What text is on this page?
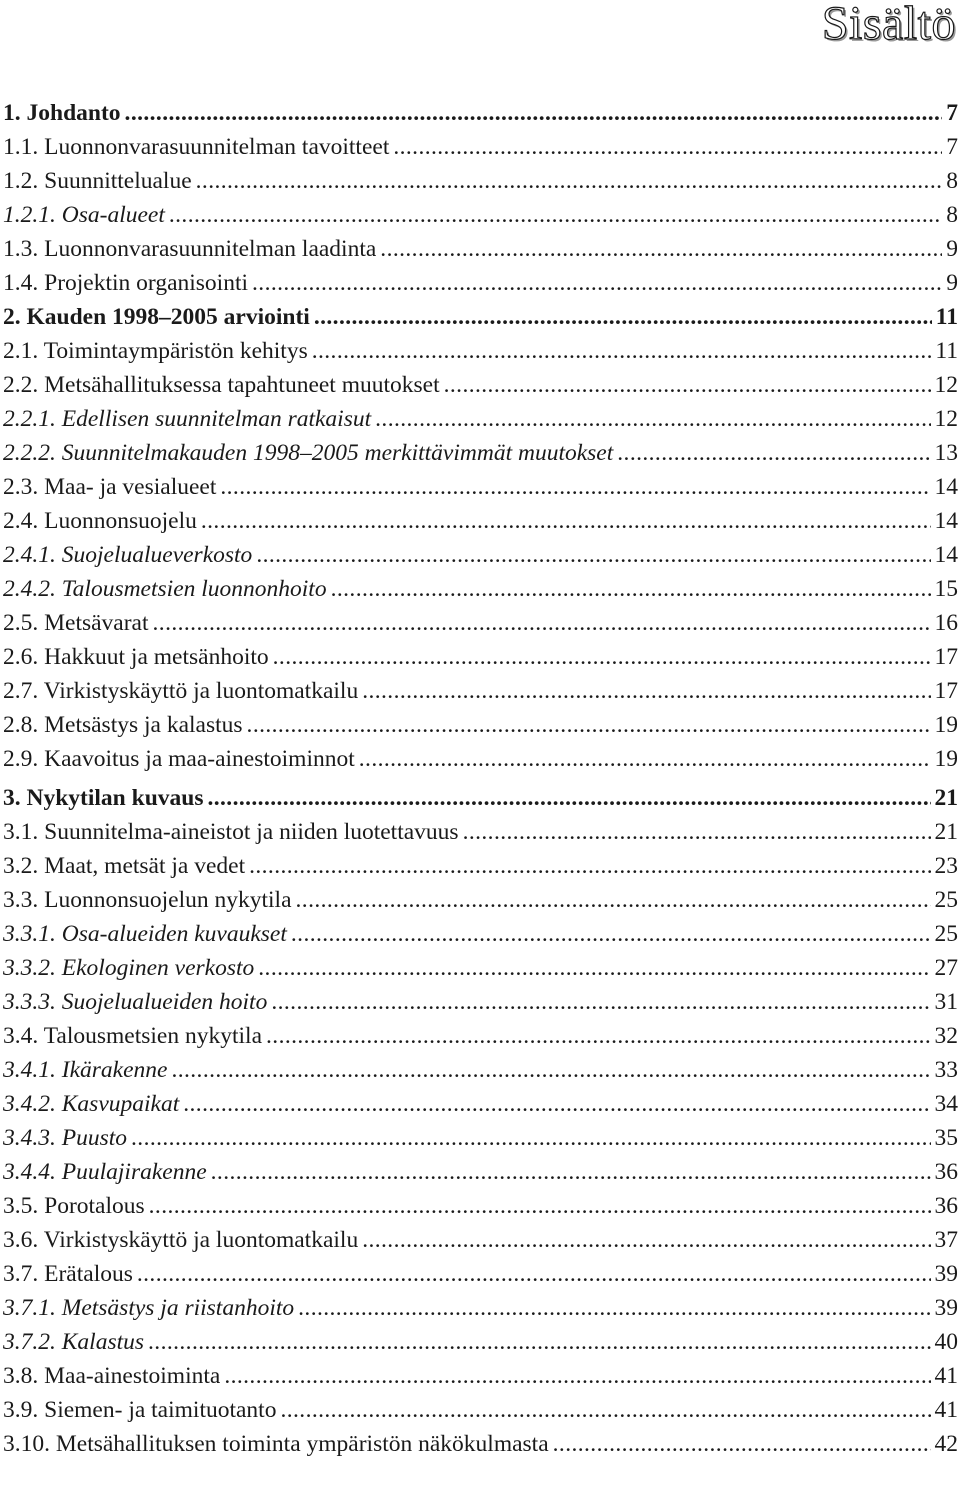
Sisältö
1. Johdanto .....	7
1.1. Luonnonvarasuunnitelman tavoitteet .....	7
1.2. Suunnittelualue .....	8
1.2.1. Osa-alueet .....	8
1.3. Luonnonvarasuunnitelman laadinta .....	9
1.4. Projektin organisointi .....	9
2. Kauden 1998–2005 arviointi .....	11
2.1. Toimintaympäristön kehitys .....	11
2.2. Metsähallituksessa tapahtuneet muutokset .....	12
2.2.1. Edellisen suunnitelman ratkaisut .....	12
2.2.2. Suunnitelmakauden 1998–2005 merkittävimmät muutokset .....	13
2.3. Maa- ja vesialueet .....	14
2.4. Luonnonsuojelu .....	14
2.4.1. Suojelualueverkosto .....	14
2.4.2. Talousmetsien luonnonhoito .....	15
2.5. Metsävarat .....	16
2.6. Hakkuut ja metsänhoito .....	17
2.7. Virkistyskäyttö ja luontomatkailu .....	17
2.8. Metsästys ja kalastus .....	19
2.9. Kaavoitus ja maa-ainestoiminnot .....	19
3. Nykytilan kuvaus .....	21
3.1. Suunnitelma-aineistot ja niiden luotettavuus .....	21
3.2. Maat, metsät ja vedet .....	23
3.3. Luonnonsuojelun nykytila .....	25
3.3.1. Osa-alueiden kuvaukset .....	25
3.3.2. Ekologinen verkosto .....	27
3.3.3. Suojelualueiden hoito .....	31
3.4. Talousmetsien nykytila .....	32
3.4.1. Ikärakenne .....	33
3.4.2. Kasvupaikat .....	34
3.4.3. Puusto .....	35
3.4.4. Puulajirakenne .....	36
3.5. Porotalous .....	36
3.6. Virkistyskäyttö ja luontomatkailu .....	37
3.7. Erätalous .....	39
3.7.1. Metsästys ja riistanhoito .....	39
3.7.2. Kalastus .....	40
3.8. Maa-ainestoiminta .....	41
3.9. Siemen- ja taimituotanto .....	41
3.10. Metsähallituksen toiminta ympäristön näkökulmasta .....	42
